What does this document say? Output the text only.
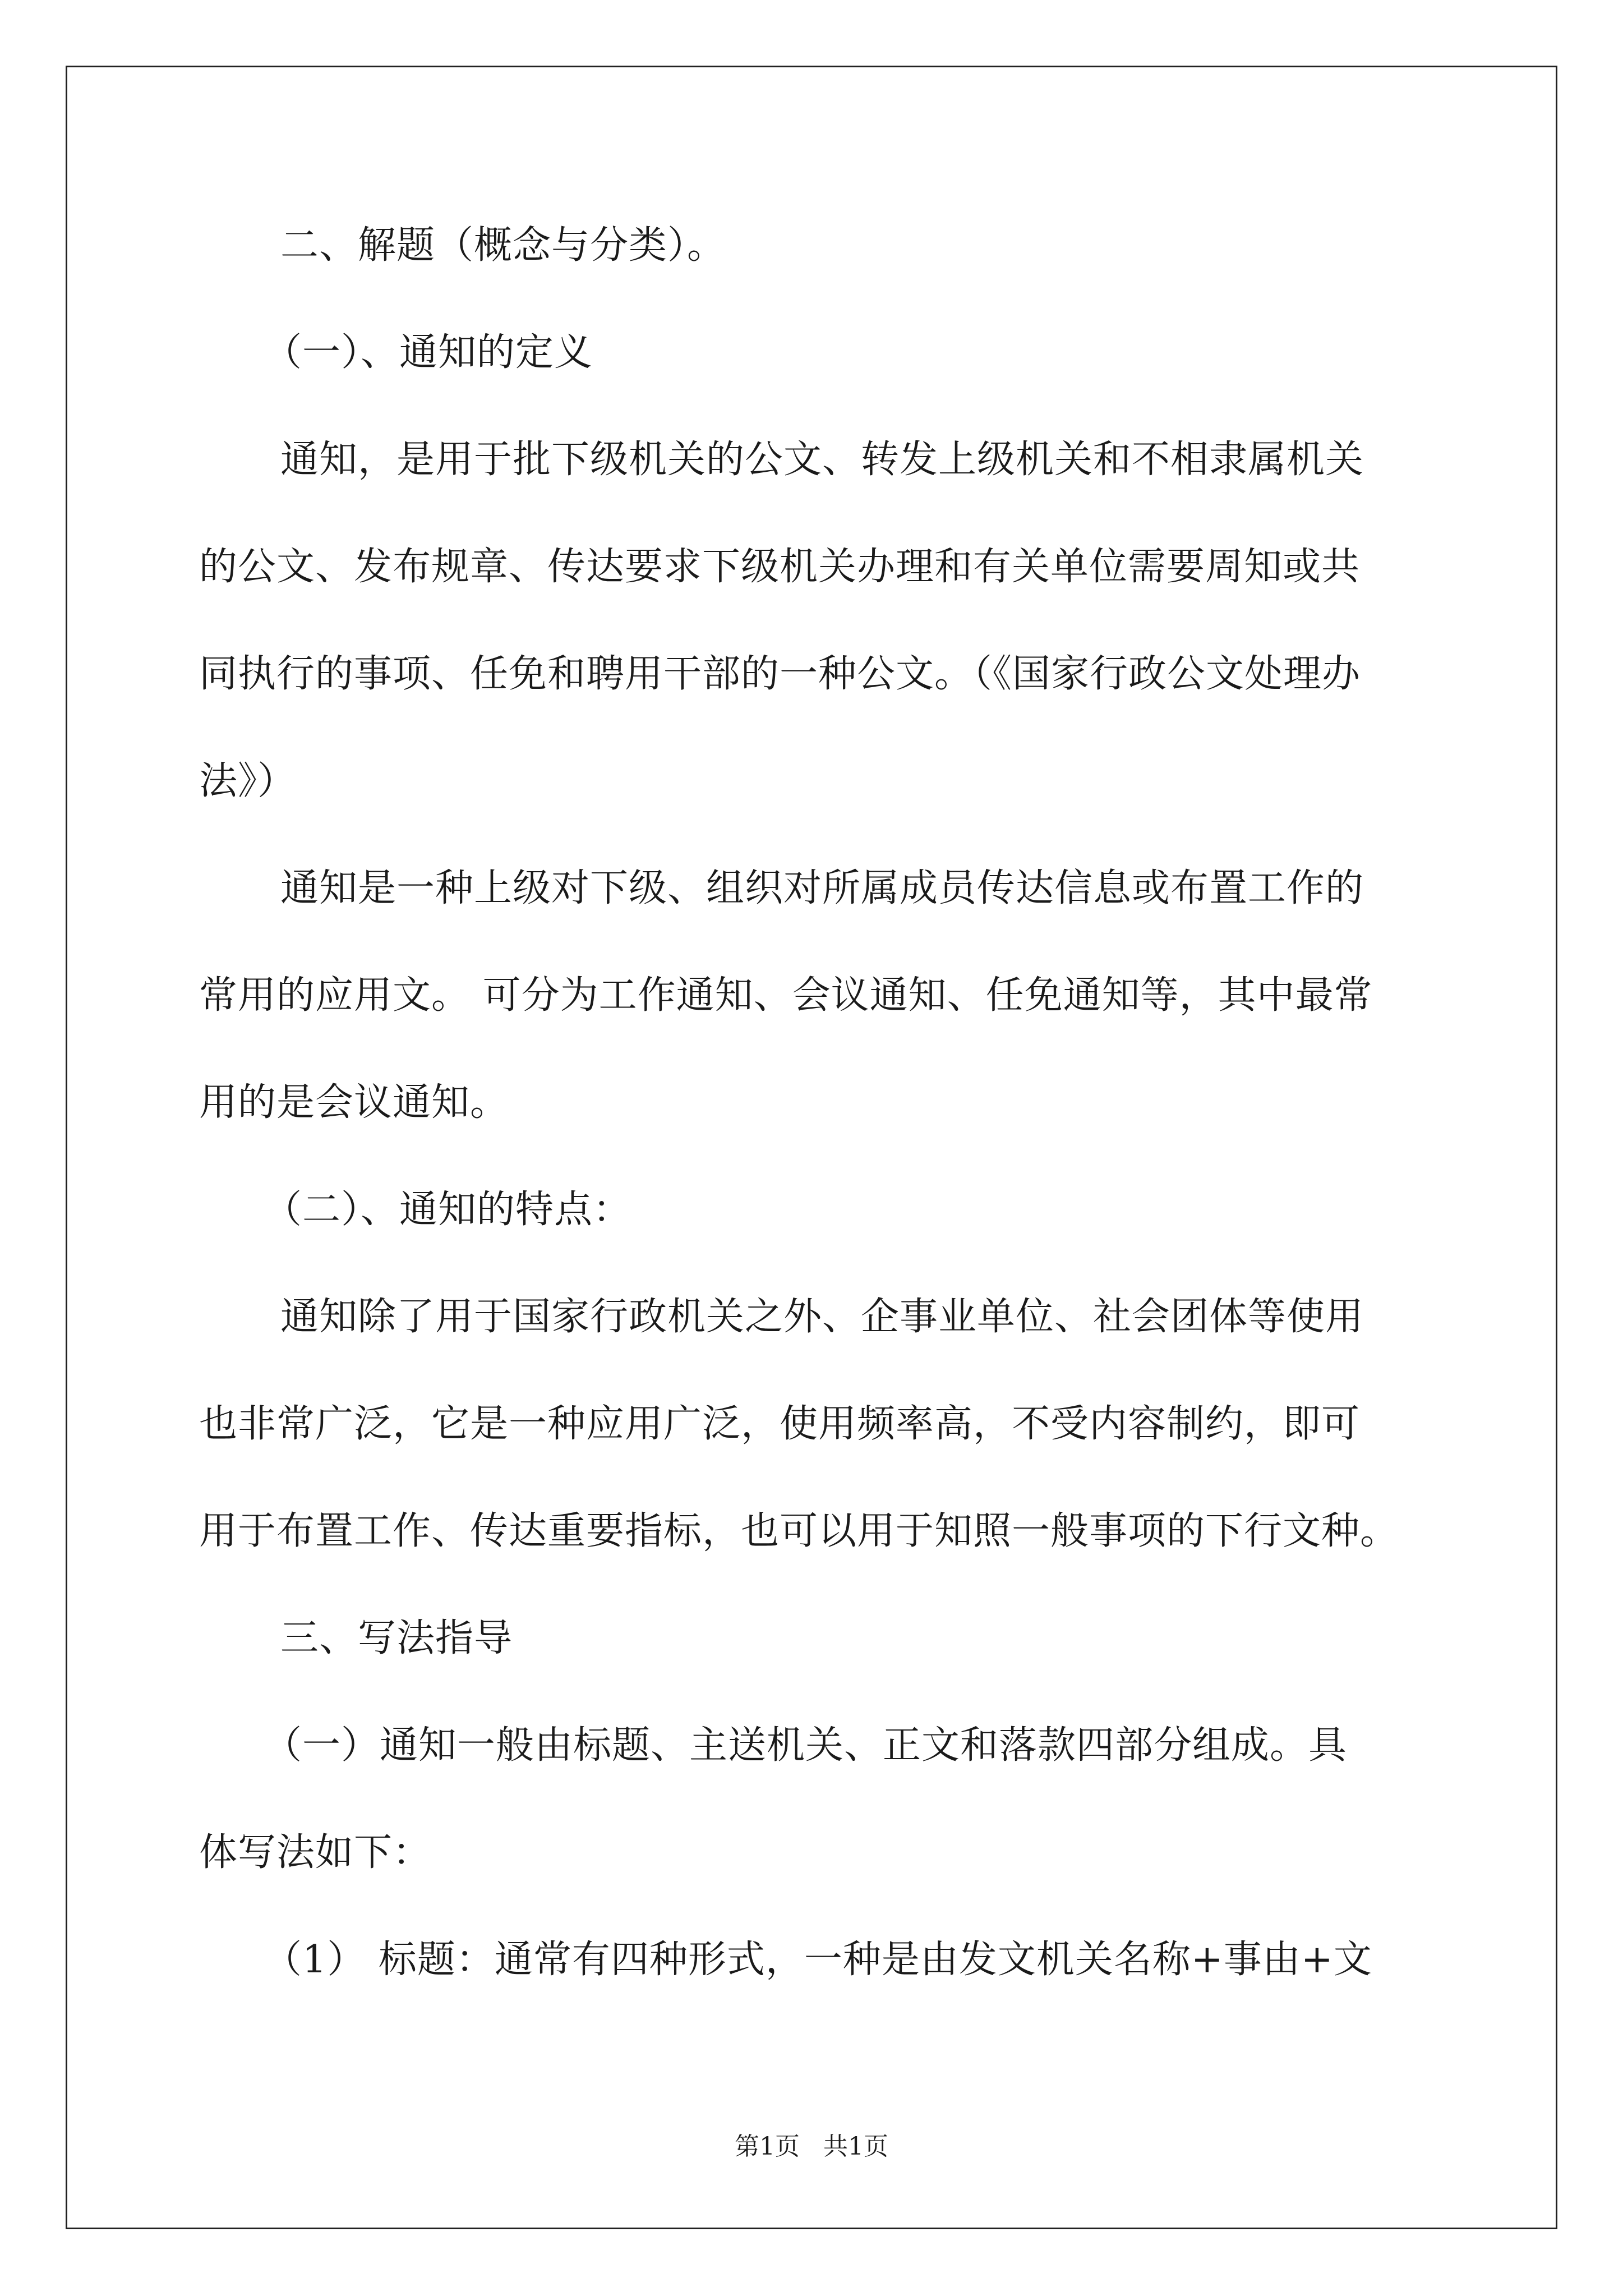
二、解题（概念与分类）。
（一）、通知的定义
通知，是用于批下级机关的公文、转发上级机关和不相隶属机关
的公文、发布规章、传达要求下级机关办理和有关单位需要周知或共
同执行的事项、任免和聘用干部的一种公文。（《国家行政公文处理办
法》）
通知是一种上级对下级、组织对所属成员传达信息或布置工作的
常用的应用文。 可分为工作通知、会议通知、任免通知等，其中最常
用的是会议通知。
（二）、通知的特点：
通知除了用于国家行政机关之外、企事业单位、社会团体等使用
也非常广泛，它是一种应用广泛，使用频率高，不受内容制约，即可
用于布置工作、传达重要指标，也可以用于知照一般事项的下行文种。
三、写法指导
（一）通知一般由标题、主送机关、正文和落款四部分组成。具
体写法如下：
（1） 标题：通常有四种形式，一种是由发文机关名称+事由+文
第1页   共1页
